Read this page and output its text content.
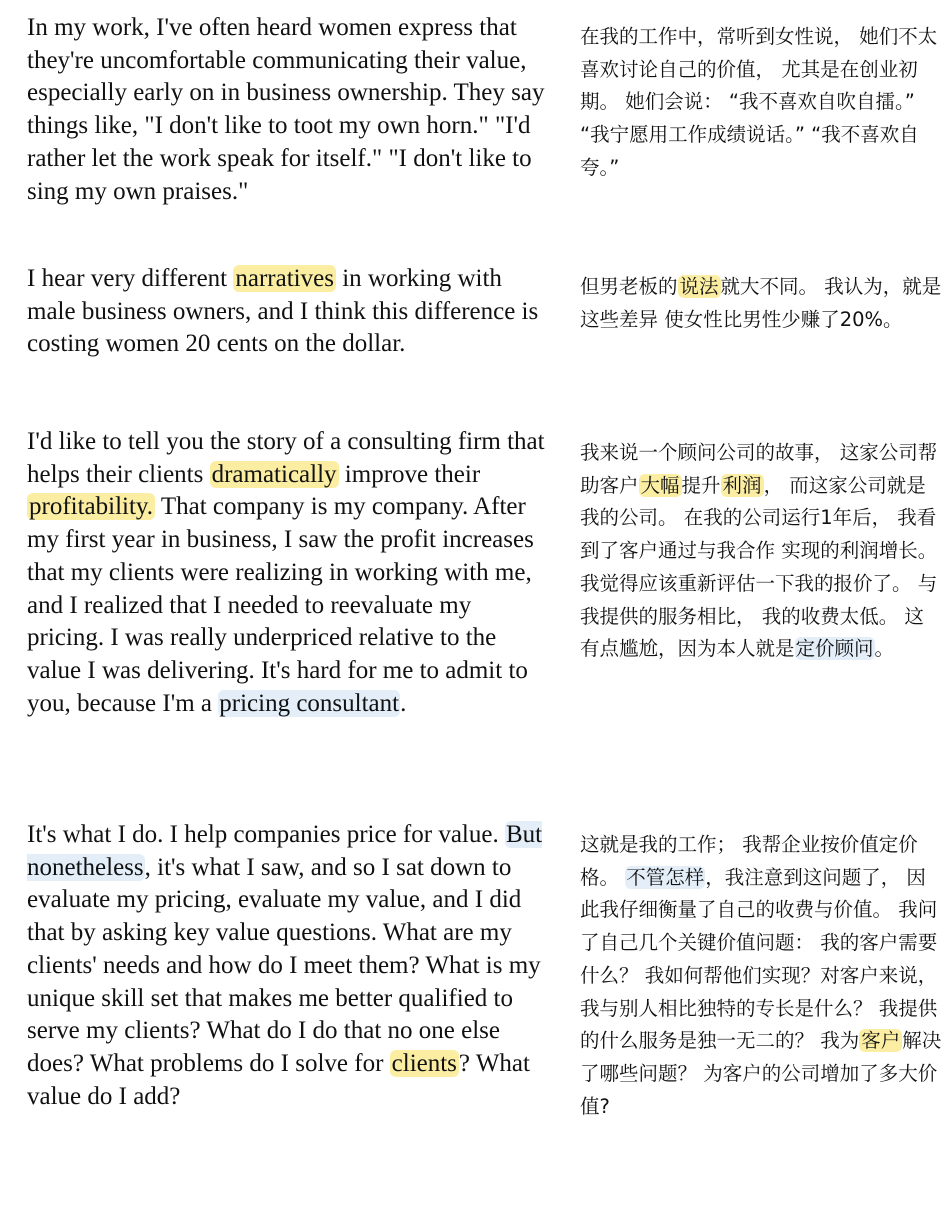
In my work, I've often heard women express that they're uncomfortable communicating their value, especially early on in business ownership. They say things like, "I don't like to toot my own horn." "I'd rather let the work speak for itself." "I don't like to sing my own praises."

I hear very different narratives in working with male business owners, and I think this difference is costing women 20 cents on the dollar.

I'd like to tell you the story of a consulting firm that helps their clients dramatically improve their profitability. That company is my company. After my first year in business, I saw the profit increases that my clients were realizing in working with me, and I realized that I needed to reevaluate my pricing. I was really underpriced relative to the value I was delivering. It's hard for me to admit to you, because I'm a pricing consultant.

It's what I do. I help companies price for value. But nonetheless, it's what I saw, and so I sat down to evaluate my pricing, evaluate my value, and I did that by asking key value questions. What are my clients' needs and how do I meet them? What is my unique skill set that makes me better qualified to serve my clients? What do I do that no one else does? What problems do I solve for clients? What value do I add?

在我的工作中，常听到女性说， 她们不太喜欢讨论自己的价值， 尤其是在创业初期。 她们会说： “我不喜欢自吹自擂。” “我宁愿用工作成绩说话。” “我不喜欢自夸。”

但男老板的 说法 就大不同。 我认为，就是这些差异 使女性比男性少赚了20%。

我来说一个顾问公司的故事， 这家公司帮助客户 大幅 提升 利润 ， 而这家公司就是我的公司。 在我的公司运行1年后， 我看到了客户通过与我合作 实现的利润增长。 我觉得应该重新评估一下我的报价了。 与我提供的服务相比， 我的收费太低。 这有点尴尬，因为本人就是定价顾问。

这就是我的工作； 我帮企业按价值定价格。 不管怎样，我注意到这问题了， 因此我仔细衡量了自己的收费与价值。 我问了自己几个关键价值问题： 我的客户需要什么？ 我如何帮他们实现？对客户来说，我与别人相比独特的专长是什么？ 我提供的什么服务是独一无二的？ 我为 客户 解决了哪些问题？ 为客户的公司增加了多大价值?
